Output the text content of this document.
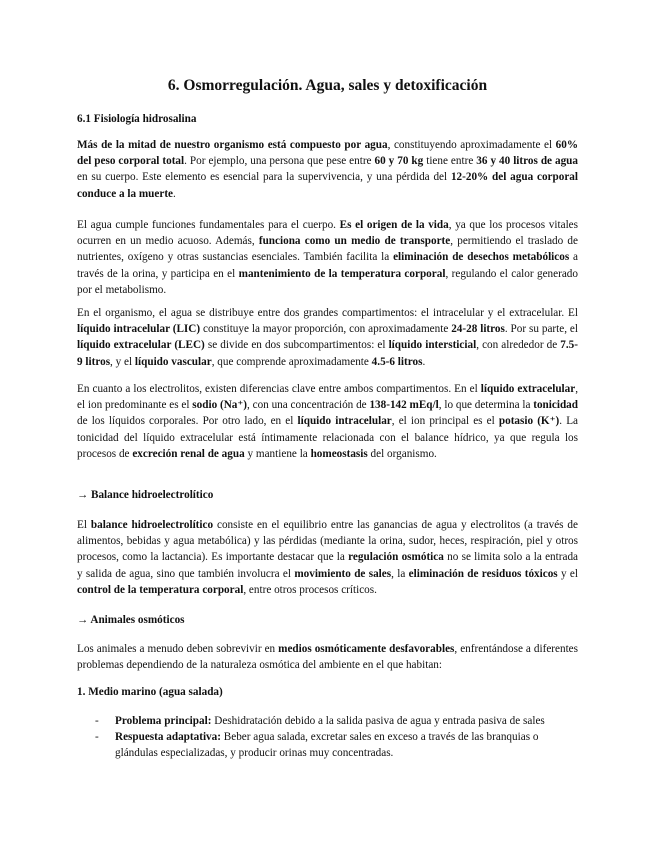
6. Osmorregulación. Agua, sales y detoxificación
6.1 Fisiología hidrosalina

Más de la mitad de nuestro organismo está compuesto por agua, constituyendo aproximadamente el 60% del peso corporal total. Por ejemplo, una persona que pese entre 60 y 70 kg tiene entre 36 y 40 litros de agua en su cuerpo. Este elemento es esencial para la supervivencia, y una pérdida del 12-20% del agua corporal conduce a la muerte.

El agua cumple funciones fundamentales para el cuerpo. Es el origen de la vida, ya que los procesos vitales ocurren en un medio acuoso. Además, funciona como un medio de transporte, permitiendo el traslado de nutrientes, oxígeno y otras sustancias esenciales. También facilita la eliminación de desechos metabólicos a través de la orina, y participa en el mantenimiento de la temperatura corporal, regulando el calor generado por el metabolismo.

En el organismo, el agua se distribuye entre dos grandes compartimentos: el intracelular y el extracelular. El líquido intracelular (LIC) constituye la mayor proporción, con aproximadamente 24-28 litros. Por su parte, el líquido extracelular (LEC) se divide en dos subcompartimentos: el líquido intersticial, con alrededor de 7.5-9 litros, y el líquido vascular, que comprende aproximadamente 4.5-6 litros.

En cuanto a los electrolitos, existen diferencias clave entre ambos compartimentos. En el líquido extracelular, el ion predominante es el sodio (Na⁺), con una concentración de 138-142 mEq/l, lo que determina la tonicidad de los líquidos corporales. Por otro lado, en el líquido intracelular, el ion principal es el potasio (K⁺). La tonicidad del líquido extracelular está íntimamente relacionada con el balance hídrico, ya que regula los procesos de excreción renal de agua y mantiene la homeostasis del organismo.

→ Balance hidroelectrolítico

El balance hidroelectrolítico consiste en el equilibrio entre las ganancias de agua y electrolitos (a través de alimentos, bebidas y agua metabólica) y las pérdidas (mediante la orina, sudor, heces, respiración, piel y otros procesos, como la lactancia). Es importante destacar que la regulación osmótica no se limita solo a la entrada y salida de agua, sino que también involucra el movimiento de sales, la eliminación de residuos tóxicos y el control de la temperatura corporal, entre otros procesos críticos.

→ Animales osmóticos

Los animales a menudo deben sobrevivir en medios osmóticamente desfavorables, enfrentándose a diferentes problemas dependiendo de la naturaleza osmótica del ambiente en el que habitan:

1. Medio marino (agua salada)
- Problema principal: Deshidratación debido a la salida pasiva de agua y entrada pasiva de sales
- Respuesta adaptativa: Beber agua salada, excretar sales en exceso a través de las branquias o glándulas especializadas, y producir orinas muy concentradas.
